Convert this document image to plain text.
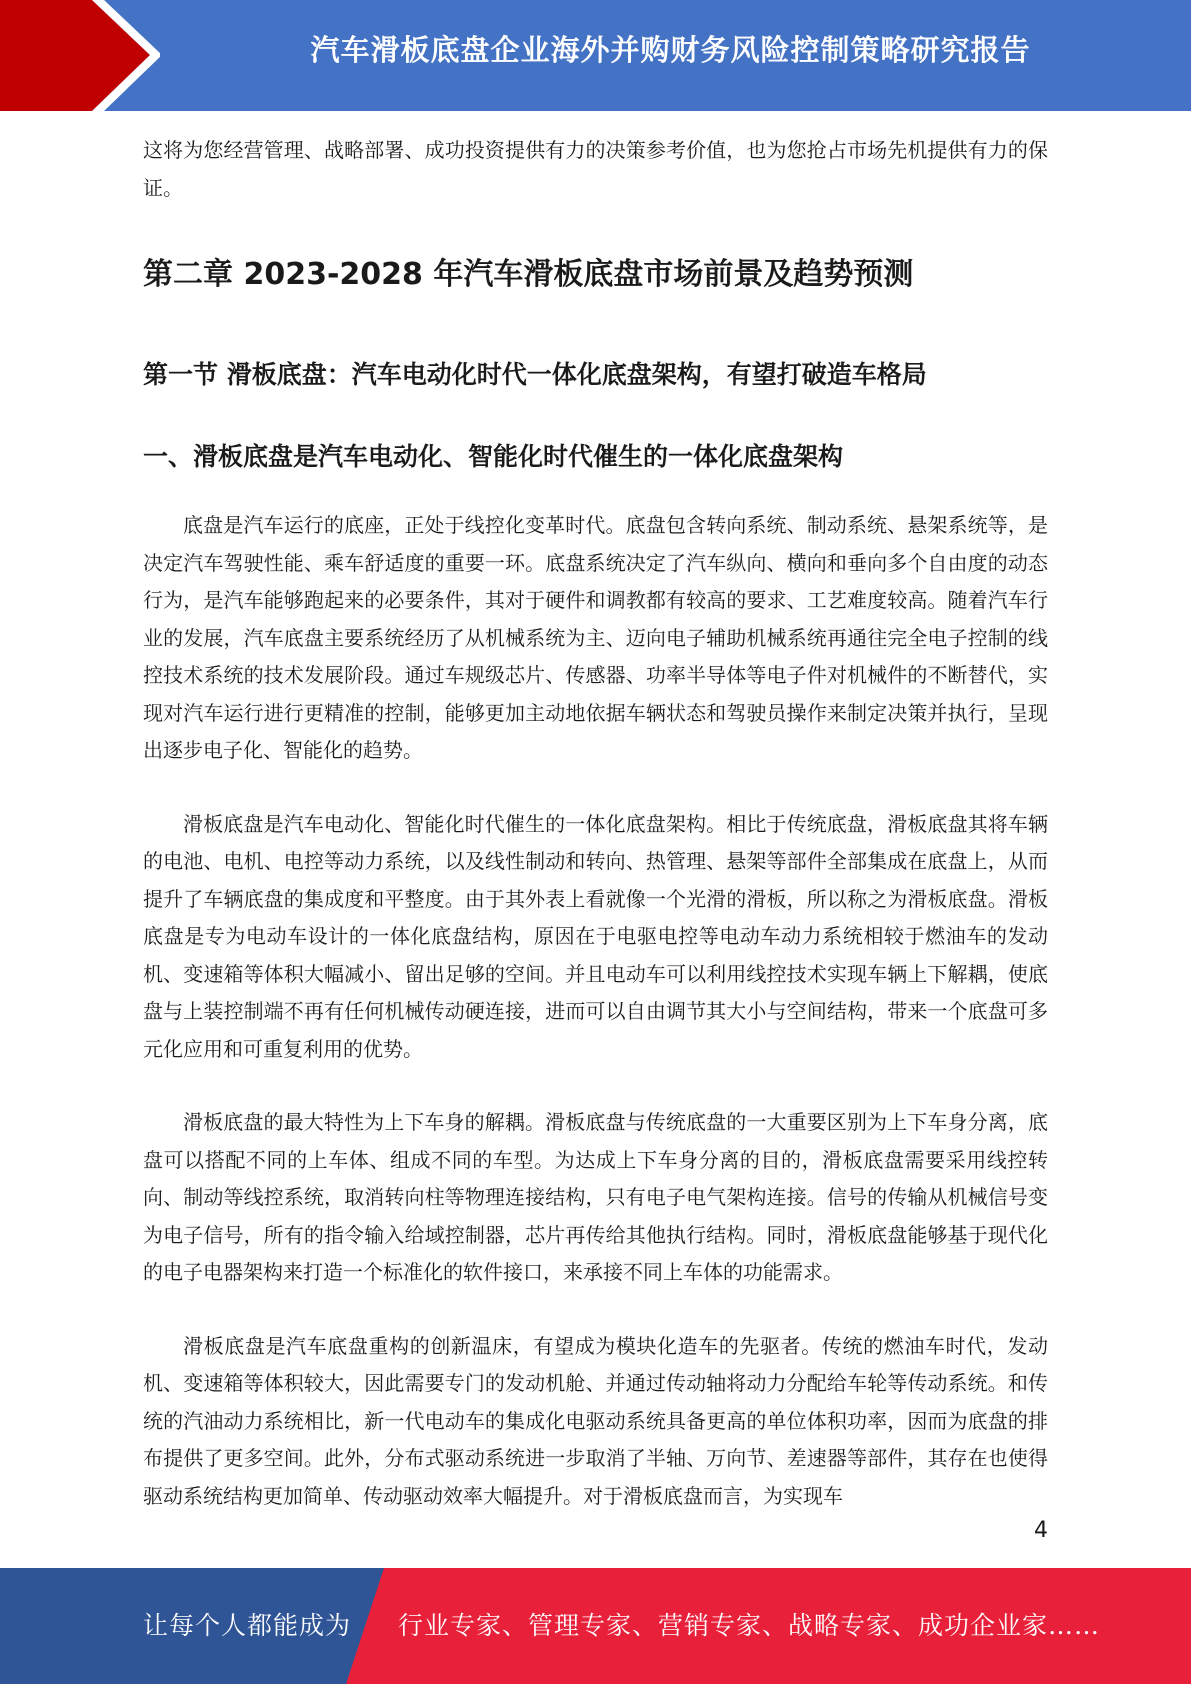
汽车滑板底盘企业海外并购财务风险控制策略研究报告

这将为您经营管理、战略部署、成功投资提供有力的决策参考价值，也为您抢占市场先机提供有力的保证。

第二章 2023-2028 年汽车滑板底盘市场前景及趋势预测
第一节 滑板底盘：汽车电动化时代一体化底盘架构，有望打破造车格局
一、滑板底盘是汽车电动化、智能化时代催生的一体化底盘架构

底盘是汽车运行的底座，正处于线控化变革时代。底盘包含转向系统、制动系统、悬架系统等，是决定汽车驾驶性能、乘车舒适度的重要一环。底盘系统决定了汽车纵向、横向和垂向多个自由度的动态行为，是汽车能够跑起来的必要条件，其对于硬件和调教都有较高的要求、工艺难度较高。随着汽车行业的发展，汽车底盘主要系统经历了从机械系统为主、迈向电子辅助机械系统再通往完全电子控制的线控技术系统的技术发展阶段。通过车规级芯片、传感器、功率半导体等电子件对机械件的不断替代，实现对汽车运行进行更精准的控制，能够更加主动地依据车辆状态和驾驶员操作来制定决策并执行，呈现出逐步电子化、智能化的趋势。

滑板底盘是汽车电动化、智能化时代催生的一体化底盘架构。相比于传统底盘，滑板底盘其将车辆的电池、电机、电控等动力系统，以及线性制动和转向、热管理、悬架等部件全部集成在底盘上，从而提升了车辆底盘的集成度和平整度。由于其外表上看就像一个光滑的滑板，所以称之为滑板底盘。滑板底盘是专为电动车设计的一体化底盘结构，原因在于电驱电控等电动车动力系统相较于燃油车的发动机、变速箱等体积大幅减小、留出足够的空间。并且电动车可以利用线控技术实现车辆上下解耦，使底盘与上装控制端不再有任何机械传动硬连接，进而可以自由调节其大小与空间结构，带来一个底盘可多元化应用和可重复利用的优势。

滑板底盘的最大特性为上下车身的解耦。滑板底盘与传统底盘的一大重要区别为上下车身分离，底盘可以搭配不同的上车体、组成不同的车型。为达成上下车身分离的目的，滑板底盘需要采用线控转向、制动等线控系统，取消转向柱等物理连接结构，只有电子电气架构连接。信号的传输从机械信号变为电子信号，所有的指令输入给域控制器，芯片再传给其他执行结构。同时，滑板底盘能够基于现代化的电子电器架构来打造一个标准化的软件接口，来承接不同上车体的功能需求。

滑板底盘是汽车底盘重构的创新温床，有望成为模块化造车的先驱者。传统的燃油车时代，发动机、变速箱等体积较大，因此需要专门的发动机舱、并通过传动轴将动力分配给车轮等传动系统。和传统的汽油动力系统相比，新一代电动车的集成化电驱动系统具备更高的单位体积功率，因而为底盘的排布提供了更多空间。此外，分布式驱动系统进一步取消了半轴、万向节、差速器等部件，其存在也使得驱动系统结构更加简单、传动驱动效率大幅提升。对于滑板底盘而言，为实现车

4
让每个人都能成为 行业专家、管理专家、营销专家、战略专家、成功企业家……
